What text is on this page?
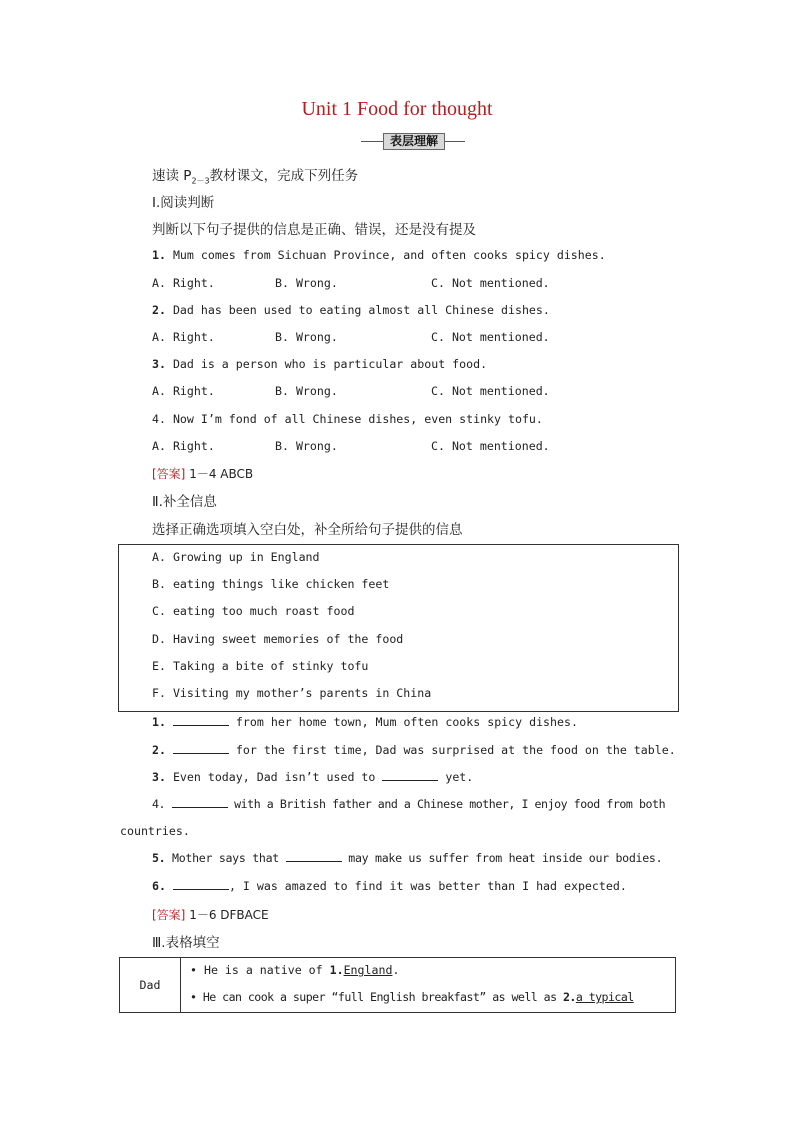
Unit 1 Food for thought
表层理解
速读 $P_{2-3}$教材课文，完成下列任务
Ⅰ.阅读判断
判断以下句子提供的信息是正确、错误，还是没有提及
1. Mum comes from Sichuan Province, and often cooks spicy dishes.
A. Right.	B. Wrong.	C. Not mentioned.
2. Dad has been used to eating almost all Chinese dishes.
A. Right.	B. Wrong.	C. Not mentioned.
3. Dad is a person who is particular about food.
A. Right.	B. Wrong.	C. Not mentioned.
4. Now I’m fond of all Chinese dishes, even stinky tofu.
A. Right.	B. Wrong.	C. Not mentioned.
[答案] 1－4 ABCB
Ⅱ.补全信息
选择正确选项填入空白处，补全所给句子提供的信息
A. Growing up in England
B. eating things like chicken feet
C. eating too much roast food
D. Having sweet memories of the food
E. Taking a bite of stinky tofu
F. Visiting my mother’s parents in China
1.	from her home town, Mum often cooks spicy dishes.
2.	for the first time, Dad was surprised at the food on the table.
3. Even today, Dad isn’t used to	yet.
4.	with a British father and a Chinese mother, I enjoy food from both
countries.
5. Mother says that	may make us suffer from heat inside our bodies.
6.	, I was amazed to find it was better than I had expected.
[答案] 1－6 DFBACE
Ⅲ.表格填空
Dad
• He is a native of 1.England.
• He can cook a super “full English breakfast” as well as 2.a typical
